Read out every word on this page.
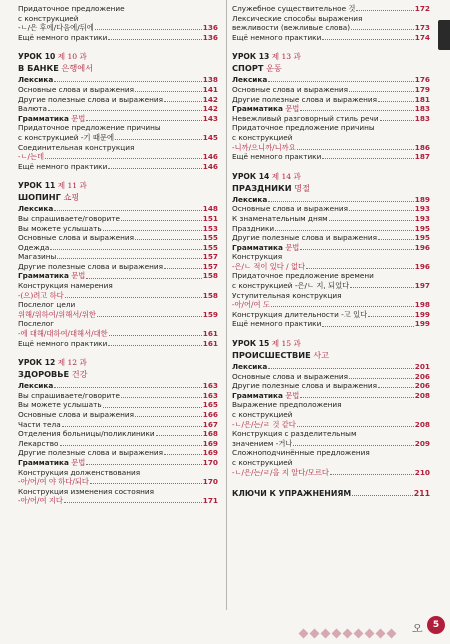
Придаточное предложение
с конструкцией
-ㄴ/은 후에/다음에/뒤에	136
Ещё немного практики	136
УРОК 10 제 10 과
В БАНКЕ 은행에서
Лексика	138
Основные слова и выражения	141
Другие полезные слова и выражения	142
Валюта	142
Грамматика 문법	143
Придаточное предложение причины
с конструкцией -기 때문에	145
Соединительная конструкция
-ㄴ/는데	146
Ещё немного практики	146
УРОК 11 제 11 과
ШОПИНГ 쇼핑
Лексика	148
Вы спрашиваете/говорите	151
Вы можете услышать	153
Основные слова и выражения	155
Одежда	155
Магазины	157
Другие полезные слова и выражения	157
Грамматика 문법	158
Конструкция намерения
-(으)려고 하다	158
Послелог цели
위해/위하여/위해서/위한	159
Послелог
-에 대해/대하여/대해서/대한	161
Ещё немного практики	161
УРОК 12 제 12 과
ЗДОРОВЬЕ 건강
Лексика	163
Вы спрашиваете/говорите	163
Вы можете услышать	165
Основные слова и выражения	166
Части тела	167
Отделения больницы/поликлиники	168
Лекарство	169
Другие полезные слова и выражения	169
Грамматика 문법	170
Конструкция долженствования
-아/어/여 야 하다/되다	170
Конструкция изменения состояния
-아/어/여 지다	171
Служебное существительное 것	172
Лексические способы выражения
вежливости (вежливые слова)	173
Ещё немного практики	174
УРОК 13 제 13 과
СПОРТ 운동
Лексика	176
Основные слова и выражения	179
Другие полезные слова и выражения	181
Грамматика 문법	183
Невежливый разговорный стиль речи	183
Придаточное предложение причины
с конструкцией
-니까/으니까/니까요	186
Ещё немного практики	187
УРОК 14 제 14 과
ПРАЗДНИКИ 명절
Лексика	189
Основные слова и выражения	193
К знаменательным дням	193
Праздники	195
Другие полезные слова и выражения	195
Грамматика 문법	196
Конструкция
-은/ㄴ 적이 있다 / 없다	196
Придаточное предложение времени
с конструкцией -은/ㄴ 지, 되었다	197
Уступительная конструкция
-아/어/여 도	198
Конструкция длительности -고 있다	199
Ещё немного практики	199
УРОК 15 제 15 과
ПРОИСШЕСТВИЕ 사고
Лексика	201
Основные слова и выражения	206
Другие полезные слова и выражения	206
Грамматика 문법	208
Выражение предположения
с конструкцией
-ㄴ/은/는/ㄹ 것 같다	208
Конструкция с разделительным
значением -거나	209
Сложноподчинённые предложения
с конструкцией
-ㄴ/은/는/ㄹ/을 지 알다/모르다	210
КЛЮЧИ К УПРАЖНЕНИЯМ	211
오	5
